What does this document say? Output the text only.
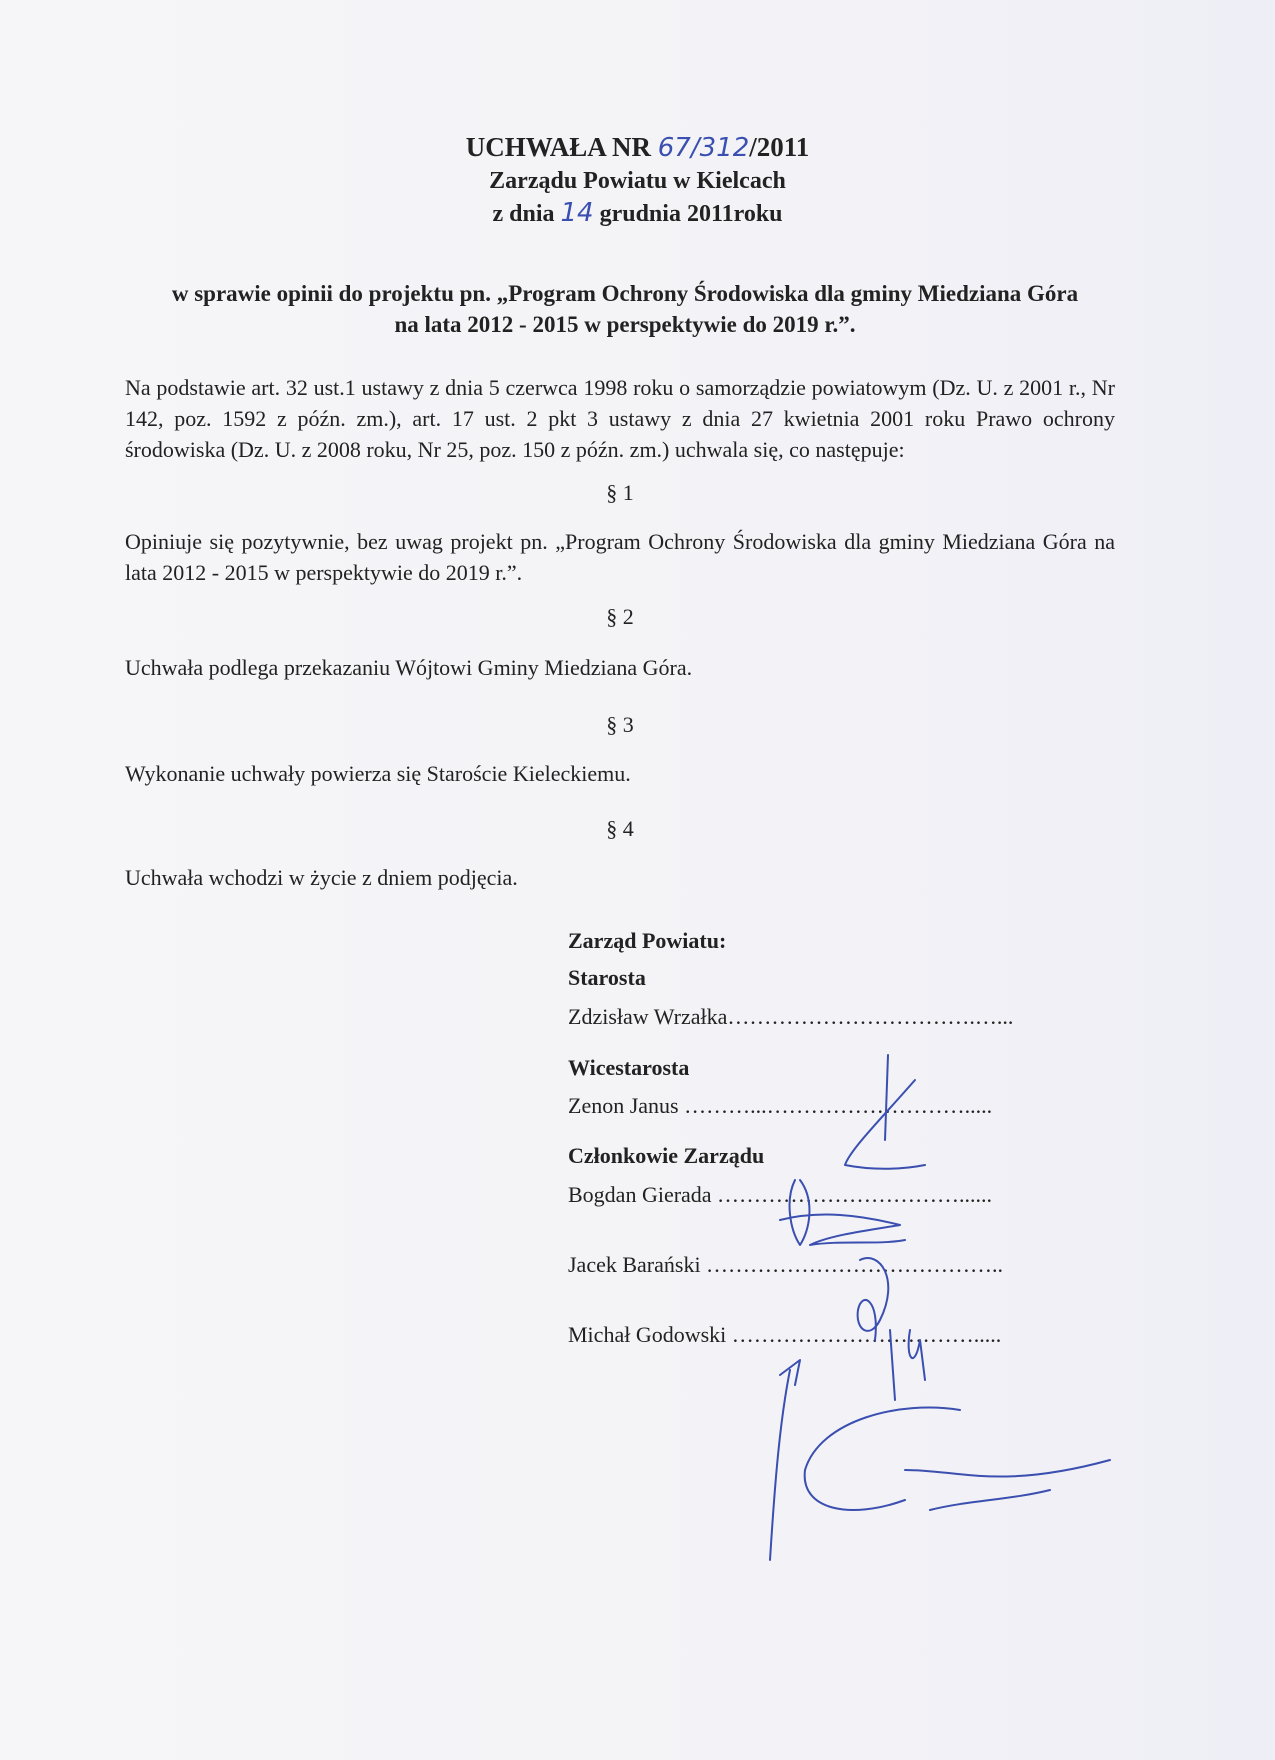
UCHWAŁA NR 67/312/2011
Zarządu Powiatu w Kielcach
z dnia 14 grudnia 2011roku
w sprawie opinii do projektu pn. „Program Ochrony Środowiska dla gminy Miedziana Góra
na lata 2012 - 2015 w perspektywie do 2019 r.”.
Na podstawie art. 32 ust.1 ustawy z dnia 5 czerwca 1998 roku o samorządzie powiatowym (Dz. U. z 2001 r., Nr 142, poz. 1592 z późn. zm.), art. 17 ust. 2 pkt 3 ustawy z dnia 27 kwietnia 2001 roku Prawo ochrony środowiska (Dz. U. z 2008 roku, Nr 25, poz. 150 z późn. zm.) uchwala się, co następuje:
§ 1
Opiniuje się pozytywnie, bez uwag projekt pn. „Program Ochrony Środowiska dla gminy Miedziana Góra na lata 2012 - 2015 w perspektywie do 2019 r.”.
§ 2
Uchwała podlega przekazaniu Wójtowi Gminy Miedziana Góra.
§ 3
Wykonanie uchwały powierza się Staroście Kieleckiemu.
§ 4
Uchwała wchodzi w życie z dniem podjęcia.
Zarząd Powiatu:
Starosta
Zdzisław Wrzałka…………………………….…...
Wicestarosta
Zenon Janus ………...……………………….....
Członkowie Zarządu
Bogdan Gierada ……………………………......
Jacek Barański …………………………………..
Michał Godowski …………………………….....
